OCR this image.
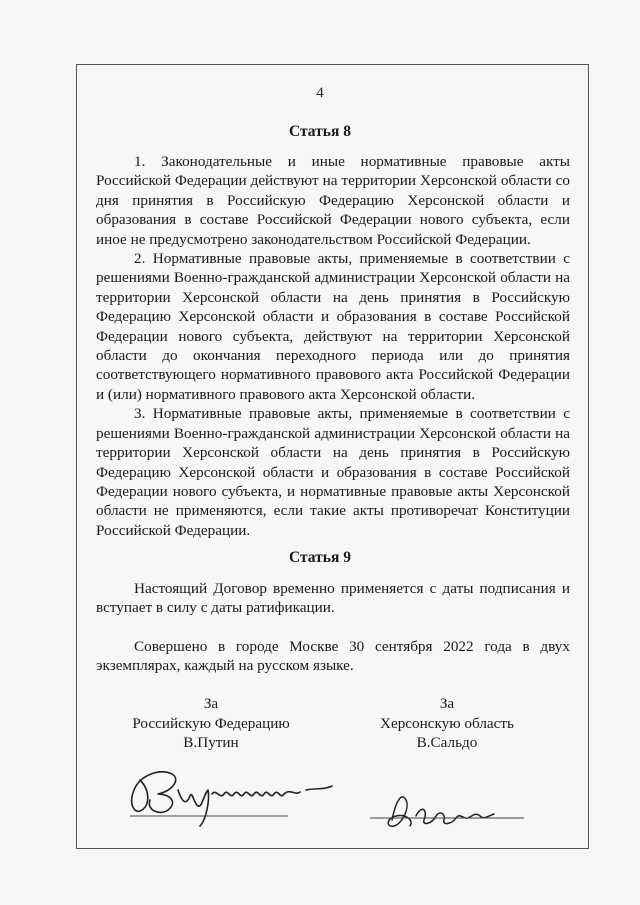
4
Статья 8

1. Законодательные и иные нормативные правовые акты Российской Федерации действуют на территории Херсонской области со дня принятия в Российскую Федерацию Херсонской области и образования в составе Российской Федерации нового субъекта, если иное не предусмотрено законодательством Российской Федерации.

2. Нормативные правовые акты, применяемые в соответствии с решениями Военно-гражданской администрации Херсонской области на территории Херсонской области на день принятия в Российскую Федерацию Херсонской области и образования в составе Российской Федерации нового субъекта, действуют на территории Херсонской области до окончания переходного периода или до принятия соответствующего нормативного правового акта Российской Федерации и (или) нормативного правового акта Херсонской области.

3. Нормативные правовые акты, применяемые в соответствии с решениями Военно-гражданской администрации Херсонской области на территории Херсонской области на день принятия в Российскую Федерацию Херсонской области и образования в составе Российской Федерации нового субъекта, и нормативные правовые акты Херсонской области не применяются, если такие акты противоречат Конституции Российской Федерации.

Статья 9

Настоящий Договор временно применяется с даты подписания и вступает в силу с даты ратификации.

Совершено в городе Москве 30 сентября 2022 года в двух экземплярах, каждый на русском языке.

За
Российскую Федерацию
В.Путин
За
Херсонскую область
В.Сальдо
